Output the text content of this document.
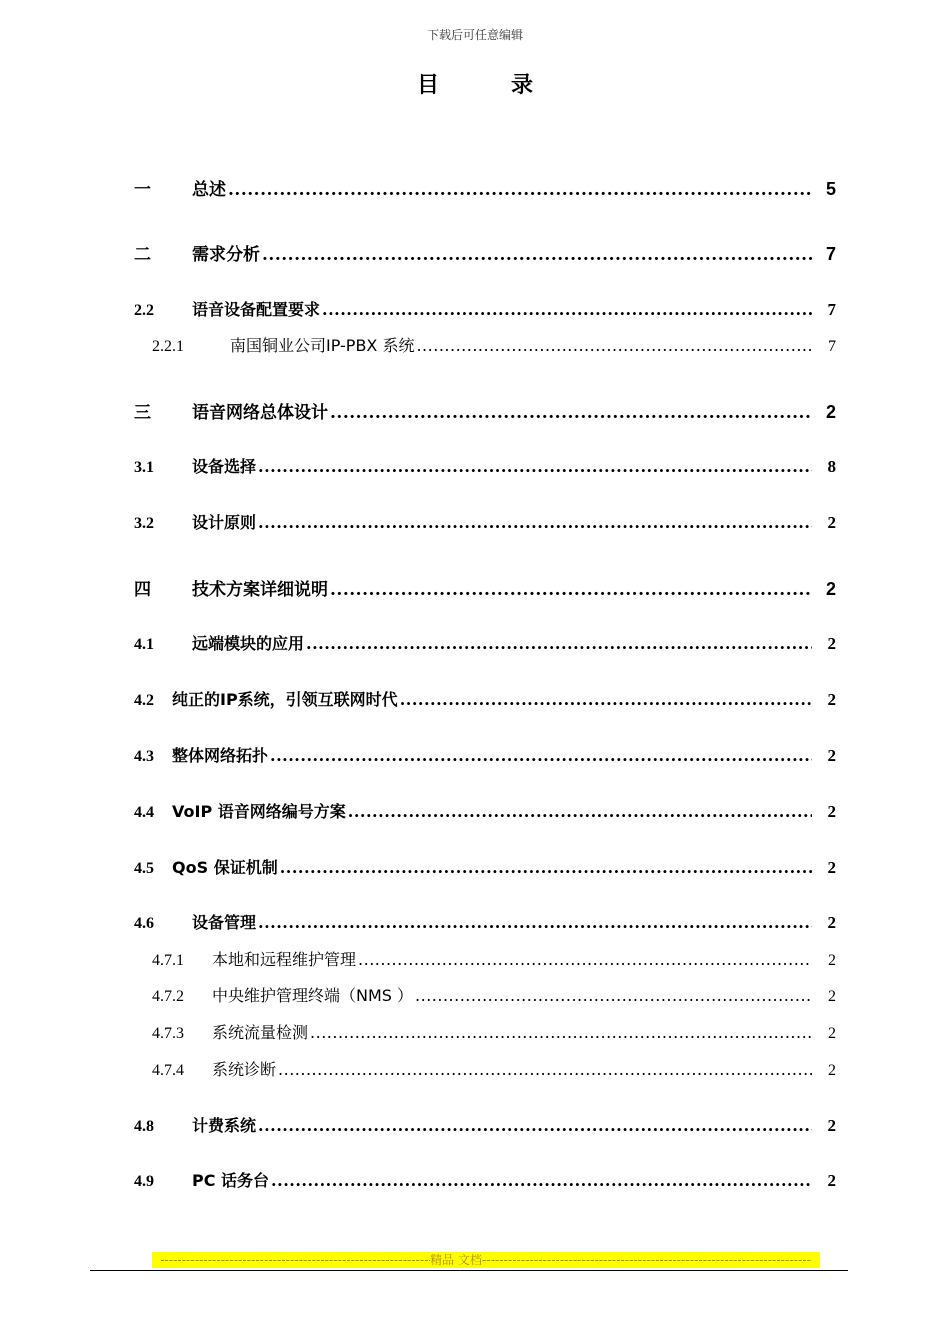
下载后可任意编辑
目	录
一	总述 .....	5
二	需求分析 .....	7
2.2	语音设备配置要求 .....	7
2.2.1	南国铜业公司IP-PBX 系统 .....	7
三	语音网络总体设计 .....	2
3.1	设备选择 .....	8
3.2	设计原则 .....	2
四	技术方案详细说明 .....	2
4.1	远端模块的应用 .....	2
4.2	纯正的IP系统，引领互联网时代 .....	2
4.3	整体网络拓扑 .....	2
4.4	VoIP 语音网络编号方案 .....	2
4.5	QoS 保证机制 .....	2
4.6	设备管理 .....	2
4.7.1	本地和远程维护管理 .....	2
4.7.2	中央维护管理终端（NMS ） .....	2
4.7.3	系统流量检测 .....	2
4.7.4	系统诊断 .....	2
4.8	计费系统 .....	2
4.9	PC 话务台 .....	2
-----精品 文档-----
